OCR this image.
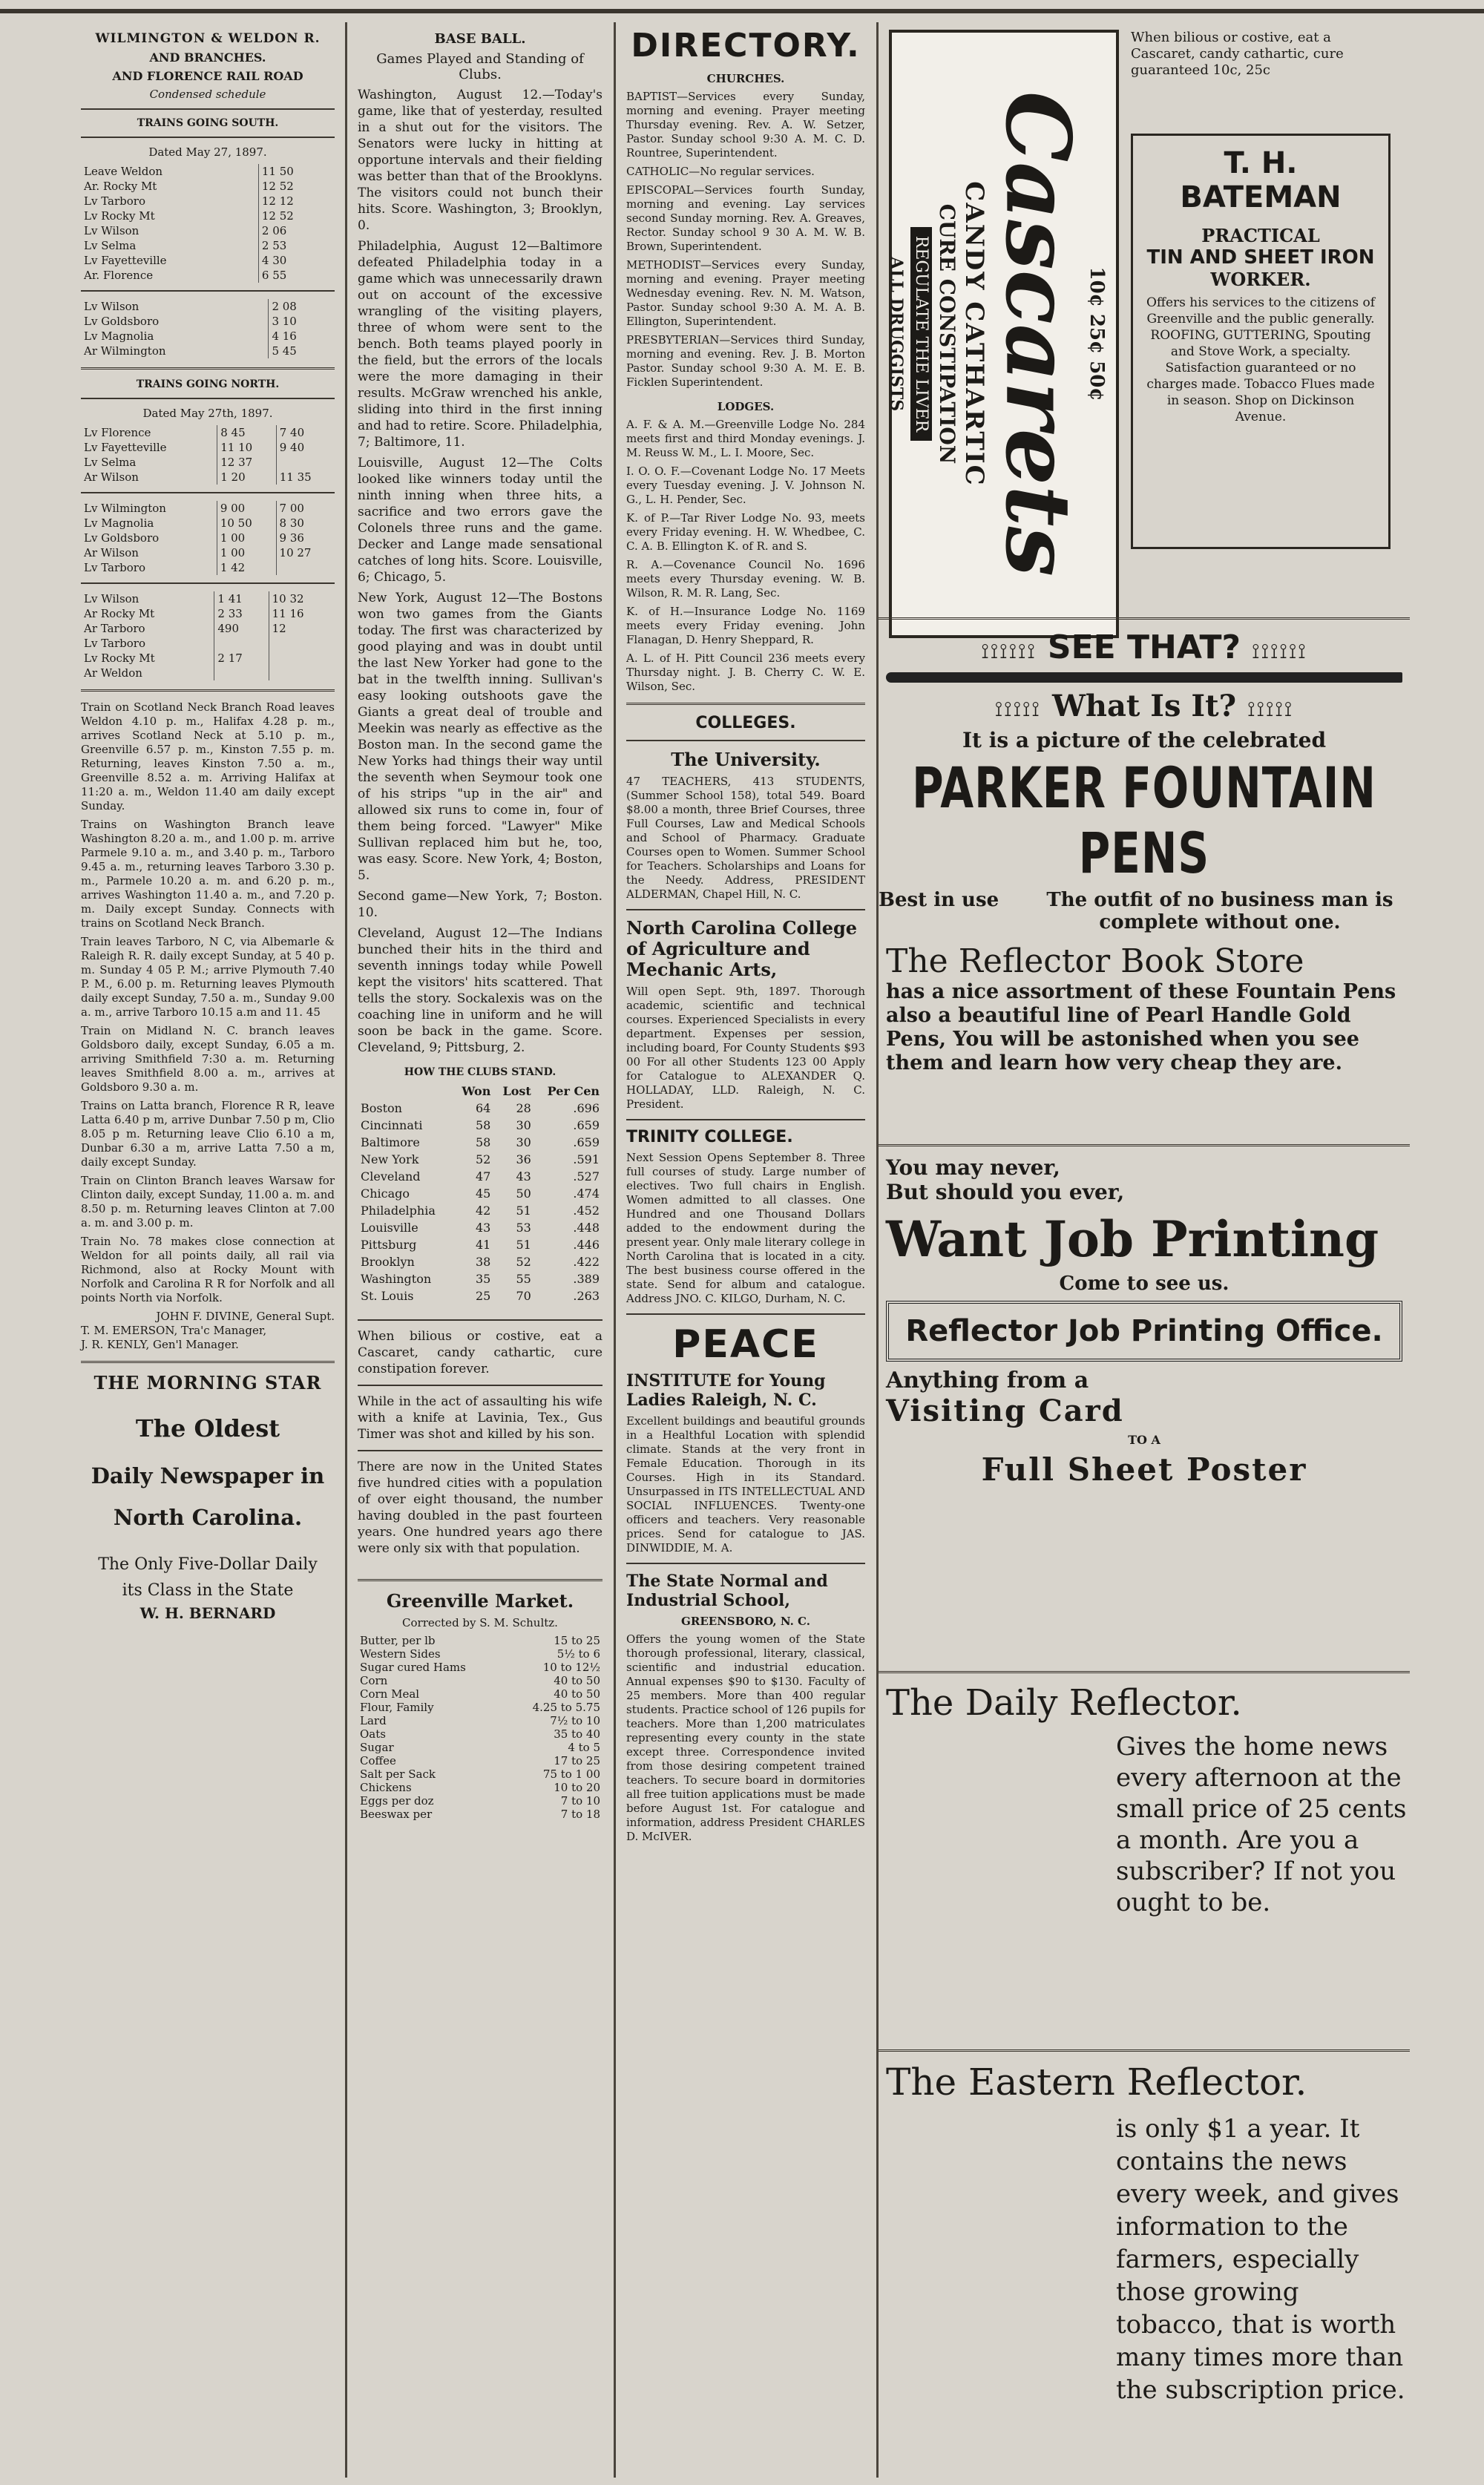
WILMINGTON & WELDON R.
AND BRANCHES.
AND FLORENCE RAIL ROAD
Condensed schedule
TRAINS GOING SOUTH.
Dated May 27, 1897.
Leave Weldon	11 50
Ar. Rocky Mt	12 52
Lv Tarboro	12 12
Lv Rocky Mt	12 52
Lv Wilson	2 06
Lv Selma	2 53
Lv Fayetteville	4 30
Ar. Florence	6 55
Lv Wilson	2 08
Lv Goldsboro	3 10
Lv Magnolia	4 16
Ar Wilmington	5 45
TRAINS GOING NORTH.
Dated May 27th, 1897.
Lv Florence	8 45	7 40
Lv Fayetteville	11 10	9 40
Lv Selma	12 37	
Ar Wilson	1 20	11 35
Lv Wilmington	9 00	7 00
Lv Magnolia	10 50	8 30
Lv Goldsboro	1 00	9 36
Ar Wilson	1 00	10 27
Lv Tarboro	1 42	
Lv Wilson	1 41	10 32
Ar Rocky Mt	2 33	11 16
Ar Tarboro	490	12
Lv Tarboro		
Lv Rocky Mt	2 17	
Ar Weldon		

Train on Scotland Neck Branch Road leaves Weldon 4.10 p. m., Halifax 4.28 p. m., arrives Scotland Neck at 5.10 p. m., Greenville 6.57 p. m., Kinston 7.55 p. m. Returning, leaves Kinston 7.50 a. m., Greenville 8.52 a. m. Arriving Halifax at 11:20 a. m., Weldon 11.40 am daily except Sunday.

Trains on Washington Branch leave Washington 8.20 a. m., and 1.00 p. m. arrive Parmele 9.10 a. m., and 3.40 p. m., Tarboro 9.45 a. m., returning leaves Tarboro 3.30 p. m., Parmele 10.20 a. m. and 6.20 p. m., arrives Washington 11.40 a. m., and 7.20 p. m. Daily except Sunday. Connects with trains on Scotland Neck Branch.

Train leaves Tarboro, N C, via Albemarle & Raleigh R. R. daily except Sunday, at 5 40 p. m. Sunday 4 05 P. M.; arrive Plymouth 7.40 P. M., 6.00 p. m. Returning leaves Plymouth daily except Sunday, 7.50 a. m., Sunday 9.00 a. m., arrive Tarboro 10.15 a.m and 11. 45

Train on Midland N. C. branch leaves Goldsboro daily, except Sunday, 6.05 a m. arriving Smithfield 7:30 a. m. Returning leaves Smithfield 8.00 a. m., arrives at Goldsboro 9.30 a. m.

Trains on Latta branch, Florence R R, leave Latta 6.40 p m, arrive Dunbar 7.50 p m, Clio 8.05 p m. Returning leave Clio 6.10 a m, Dunbar 6.30 a m, arrive Latta 7.50 a m, daily except Sunday.

Train on Clinton Branch leaves Warsaw for Clinton daily, except Sunday, 11.00 a. m. and 8.50 p. m. Returning leaves Clinton at 7.00 a. m. and 3.00 p. m.

Train No. 78 makes close connection at Weldon for all points daily, all rail via Richmond, also at Rocky Mount with Norfolk and Carolina R R for Norfolk and all points North via Norfolk.

JOHN F. DIVINE, General Supt.
T. M. EMERSON, Tra'c Manager,
J. R. KENLY, Gen'l Manager.
THE MORNING STAR
The Oldest
Daily Newspaper in
North Carolina.
The Only Five-Dollar Daily
its Class in the State
W. H. BERNARD
BASE BALL.
Games Played and Standing of Clubs.

Washington, August 12.—Today's game, like that of yesterday, resulted in a shut out for the visitors. The Senators were lucky in hitting at opportune intervals and their fielding was better than that of the Brooklyns. The visitors could not bunch their hits. Score. Washington, 3; Brooklyn, 0.

Philadelphia, August 12—Baltimore defeated Philadelphia today in a game which was unnecessarily drawn out on account of the excessive wrangling of the visiting players, three of whom were sent to the bench. Both teams played poorly in the field, but the errors of the locals were the more damaging in their results. McGraw wrenched his ankle, sliding into third in the first inning and had to retire. Score. Philadelphia, 7; Baltimore, 11.

Louisville, August 12—The Colts looked like winners today until the ninth inning when three hits, a sacrifice and two errors gave the Colonels three runs and the game. Decker and Lange made sensational catches of long hits. Score. Louisville, 6; Chicago, 5.

New York, August 12—The Bostons won two games from the Giants today. The first was characterized by good playing and was in doubt until the last New Yorker had gone to the bat in the twelfth inning. Sullivan's easy looking outshoots gave the Giants a great deal of trouble and Meekin was nearly as effective as the Boston man. In the second game the New Yorks had things their way until the seventh when Seymour took one of his strips "up in the air" and allowed six runs to come in, four of them being forced. "Lawyer" Mike Sullivan replaced him but he, too, was easy. Score. New York, 4; Boston, 5.

Second game—New York, 7; Boston. 10.

Cleveland, August 12—The Indians bunched their hits in the third and seventh innings today while Powell kept the visitors' hits scattered. That tells the story. Sockalexis was on the coaching line in uniform and he will soon be back in the game. Score. Cleveland, 9; Pittsburg, 2.

HOW THE CLUBS STAND.
	Won	Lost	Per Cen
Boston	64	28	.696
Cincinnati	58	30	.659
Baltimore	58	30	.659
New York	52	36	.591
Cleveland	47	43	.527
Chicago	45	50	.474
Philadelphia	42	51	.452
Louisville	43	53	.448
Pittsburg	41	51	.446
Brooklyn	38	52	.422
Washington	35	55	.389
St. Louis	25	70	.263

When bilious or costive, eat a Cascaret, candy cathartic, cure constipation forever.

While in the act of assaulting his wife with a knife at Lavinia, Tex., Gus Timer was shot and killed by his son.

There are now in the United States five hundred cities with a population of over eight thousand, the number having doubled in the past fourteen years. One hundred years ago there were only six with that population.

Greenville Market.
Corrected by S. M. Schultz.
Butter, per lb	15 to 25
Western Sides	5½ to 6
Sugar cured Hams	10 to 12½
Corn	40 to 50
Corn Meal	40 to 50
Flour, Family	4.25 to 5.75
Lard	7½ to 10
Oats	35 to 40
Sugar	4 to 5
Coffee	17 to 25
Salt per Sack	75 to 1 00
Chickens	10 to 20
Eggs per doz	7 to 10
Beeswax per	7 to 18
DIRECTORY.
CHURCHES.

BAPTIST—Services every Sunday, morning and evening. Prayer meeting Thursday evening. Rev. A. W. Setzer, Pastor. Sunday school 9:30 A. M. C. D. Rountree, Superintendent.

CATHOLIC—No regular services.

EPISCOPAL—Services fourth Sunday, morning and evening. Lay services second Sunday morning. Rev. A. Greaves, Rector. Sunday school 9 30 A. M. W. B. Brown, Superintendent.

METHODIST—Services every Sunday, morning and evening. Prayer meeting Wednesday evening. Rev. N. M. Watson, Pastor. Sunday school 9:30 A. M. A. B. Ellington, Superintendent.

PRESBYTERIAN—Services third Sunday, morning and evening. Rev. J. B. Morton Pastor. Sunday school 9:30 A. M. E. B. Ficklen Superintendent.

LODGES.

A. F. & A. M.—Greenville Lodge No. 284 meets first and third Monday evenings. J. M. Reuss W. M., L. I. Moore, Sec.

I. O. O. F.—Covenant Lodge No. 17 Meets every Tuesday evening. J. V. Johnson N. G., L. H. Pender, Sec.

K. of P.—Tar River Lodge No. 93, meets every Friday evening. H. W. Whedbee, C. C. A. B. Ellington K. of R. and S.

R. A.—Covenance Council No. 1696 meets every Thursday evening. W. B. Wilson, R. M. R. Lang, Sec.

K. of H.—Insurance Lodge No. 1169 meets every Friday evening. John Flanagan, D. Henry Sheppard, R.

A. L. of H. Pitt Council 236 meets every Thursday night. J. B. Cherry C. W. E. Wilson, Sec.

COLLEGES.
The University.

47 TEACHERS, 413 STUDENTS, (Summer School 158), total 549. Board $8.00 a month, three Brief Courses, three Full Courses, Law and Medical Schools and School of Pharmacy. Graduate Courses open to Women. Summer School for Teachers. Scholarships and Loans for the Needy. Address, PRESIDENT ALDERMAN, Chapel Hill, N. C.

North Carolina College of Agriculture and Mechanic Arts,

Will open Sept. 9th, 1897. Thorough academic, scientific and technical courses. Experienced Specialists in every department. Expenses per session, including board, For County Students $93 00 For all other Students 123 00 Apply for Catalogue to ALEXANDER Q. HOLLADAY, LLD. Raleigh, N. C. President.

TRINITY COLLEGE.

Next Session Opens September 8. Three full courses of study. Large number of electives. Two full chairs in English. Women admitted to all classes. One Hundred and one Thousand Dollars added to the endowment during the present year. Only male literary college in North Carolina that is located in a city. The best business course offered in the state. Send for album and catalogue. Address JNO. C. KILGO, Durham, N. C.

PEACE
INSTITUTE for Young Ladies Raleigh, N. C.

Excellent buildings and beautiful grounds in a Healthful Location with splendid climate. Stands at the very front in Female Education. Thorough in its Courses. High in its Standard. Unsurpassed in ITS INTELLECTUAL AND SOCIAL INFLUENCES. Twenty-one officers and teachers. Very reasonable prices. Send for catalogue to JAS. DINWIDDIE, M. A.

The State Normal and Industrial School,
GREENSBORO, N. C.

Offers the young women of the State thorough professional, literary, classical, scientific and industrial education. Annual expenses $90 to $130. Faculty of 25 members. More than 400 regular students. Practice school of 126 pupils for teachers. More than 1,200 matriculates representing every county in the state except three. Correspondence invited from those desiring competent trained teachers. To secure board in dormitories all free tuition applications must be made before August 1st. For catalogue and information, address President CHARLES D. McIVER.

10¢ 25¢ 50¢
Cascarets
CANDY CATHARTIC
CURE CONSTIPATION
REGULATE THE LIVER
ALL DRUGGISTS
When bilious or costive, eat a Cascaret, candy cathartic, cure guaranteed 10c, 25c
T. H. BATEMAN
PRACTICAL
TIN AND SHEET IRON
WORKER.

Offers his services to the citizens of Greenville and the public generally. ROOFING, GUTTERING, Spouting and Stove Work, a specialty. Satisfaction guaranteed or no charges made. Tobacco Flues made in season. Shop on Dickinson Avenue.

⟟⟟⟟⟟⟟⟟ SEE THAT? ⟟⟟⟟⟟⟟⟟
⟟⟟⟟⟟⟟ What Is It? ⟟⟟⟟⟟⟟
It is a picture of the celebrated
PARKER FOUNTAIN PENS
Best in use	The outfit of no business man is complete without one.
The Reflector Book Store
has a nice assortment of these Fountain Pens also a beautiful line of Pearl Handle Gold Pens, You will be astonished when you see them and learn how very cheap they are.
You may never,
But should you ever,
Want Job Printing
Come to see us.
Reflector Job Printing Office.
Anything from a
Visiting Card
TO A
Full Sheet Poster
The Daily Reflector.
Gives the home news every afternoon at the small price of 25 cents a month. Are you a subscriber? If not you ought to be.
The Eastern Reflector.
is only $1 a year. It contains the news every week, and gives information to the farmers, especially those growing tobacco, that is worth many times more than the subscription price.
